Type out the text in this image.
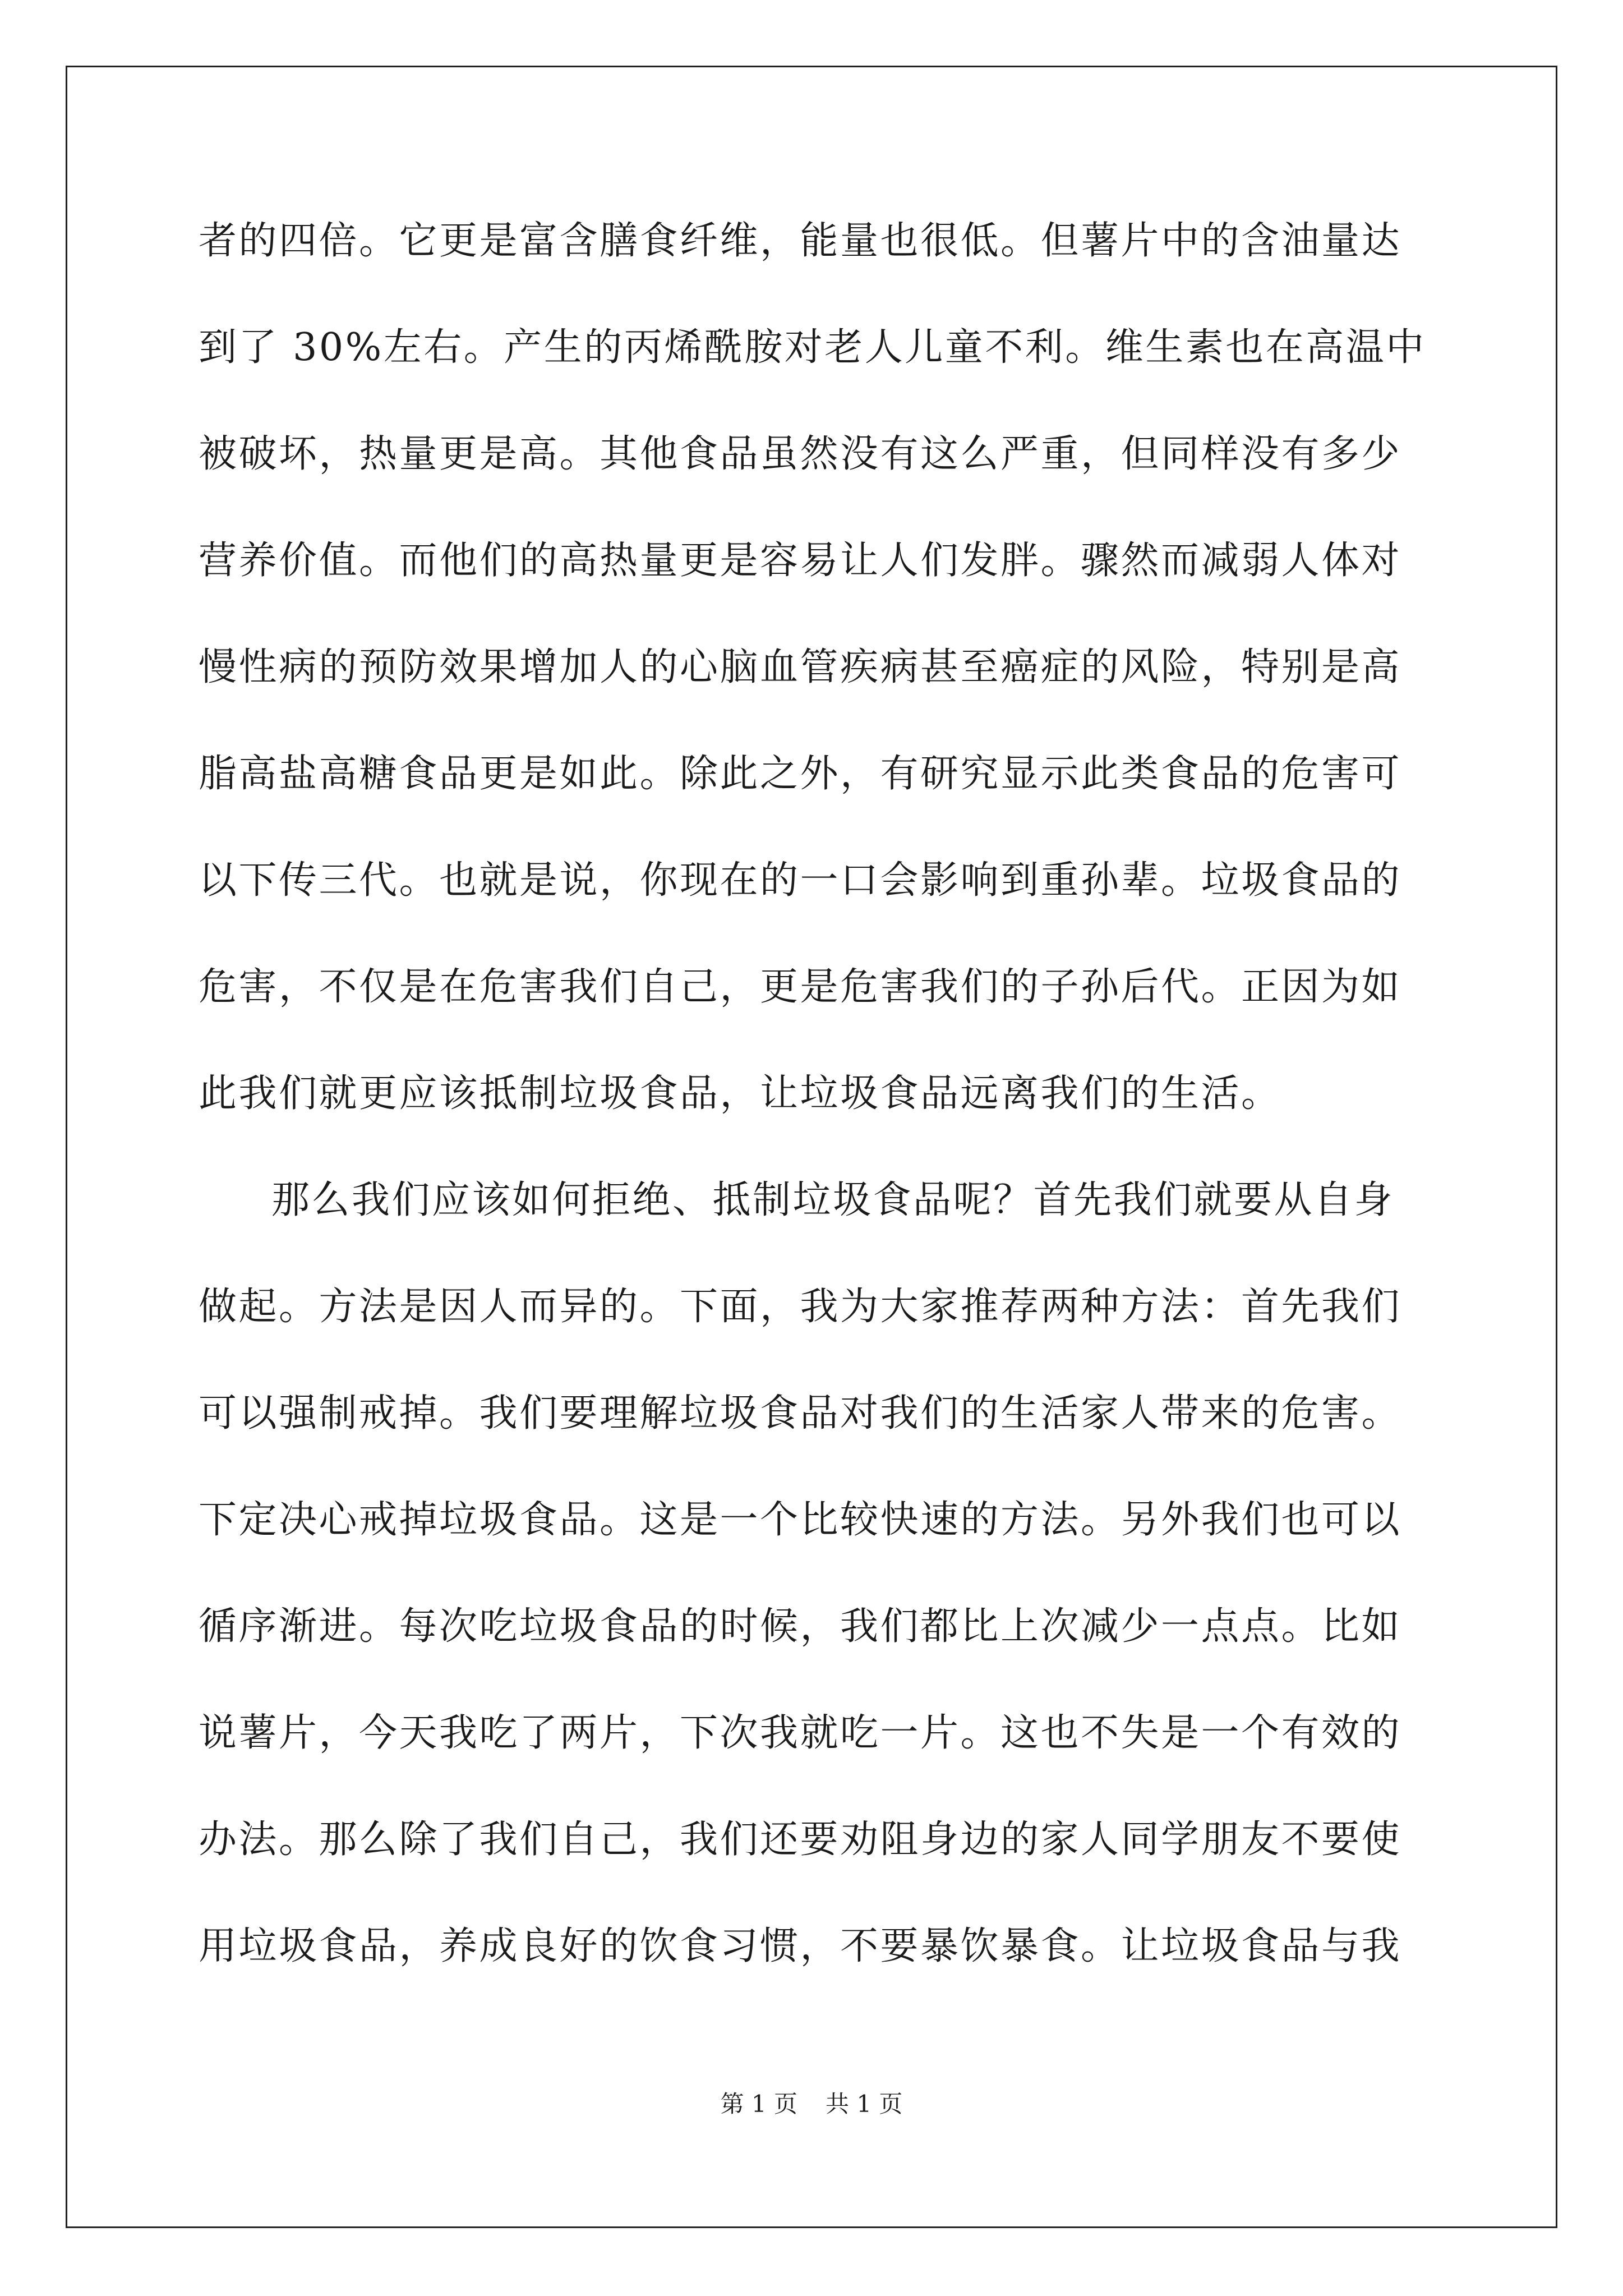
者的四倍。它更是富含膳食纤维，能量也很低。但薯片中的含油量达
到了 30%左右。产生的丙烯酰胺对老人儿童不利。维生素也在高温中
被破坏，热量更是高。其他食品虽然没有这么严重，但同样没有多少
营养价值。而他们的高热量更是容易让人们发胖。骤然而减弱人体对
慢性病的预防效果增加人的心脑血管疾病甚至癌症的风险，特别是高
脂高盐高糖食品更是如此。除此之外，有研究显示此类食品的危害可
以下传三代。也就是说，你现在的一口会影响到重孙辈。垃圾食品的
危害，不仅是在危害我们自己，更是危害我们的子孙后代。正因为如
此我们就更应该抵制垃圾食品，让垃圾食品远离我们的生活。
那么我们应该如何拒绝、抵制垃圾食品呢？首先我们就要从自身
做起。方法是因人而异的。下面，我为大家推荐两种方法：首先我们
可以强制戒掉。我们要理解垃圾食品对我们的生活家人带来的危害。
下定决心戒掉垃圾食品。这是一个比较快速的方法。另外我们也可以
循序渐进。每次吃垃圾食品的时候，我们都比上次减少一点点。比如
说薯片，今天我吃了两片，下次我就吃一片。这也不失是一个有效的
办法。那么除了我们自己，我们还要劝阻身边的家人同学朋友不要使
用垃圾食品，养成良好的饮食习惯，不要暴饮暴食。让垃圾食品与我
第 1 页 共 1 页
